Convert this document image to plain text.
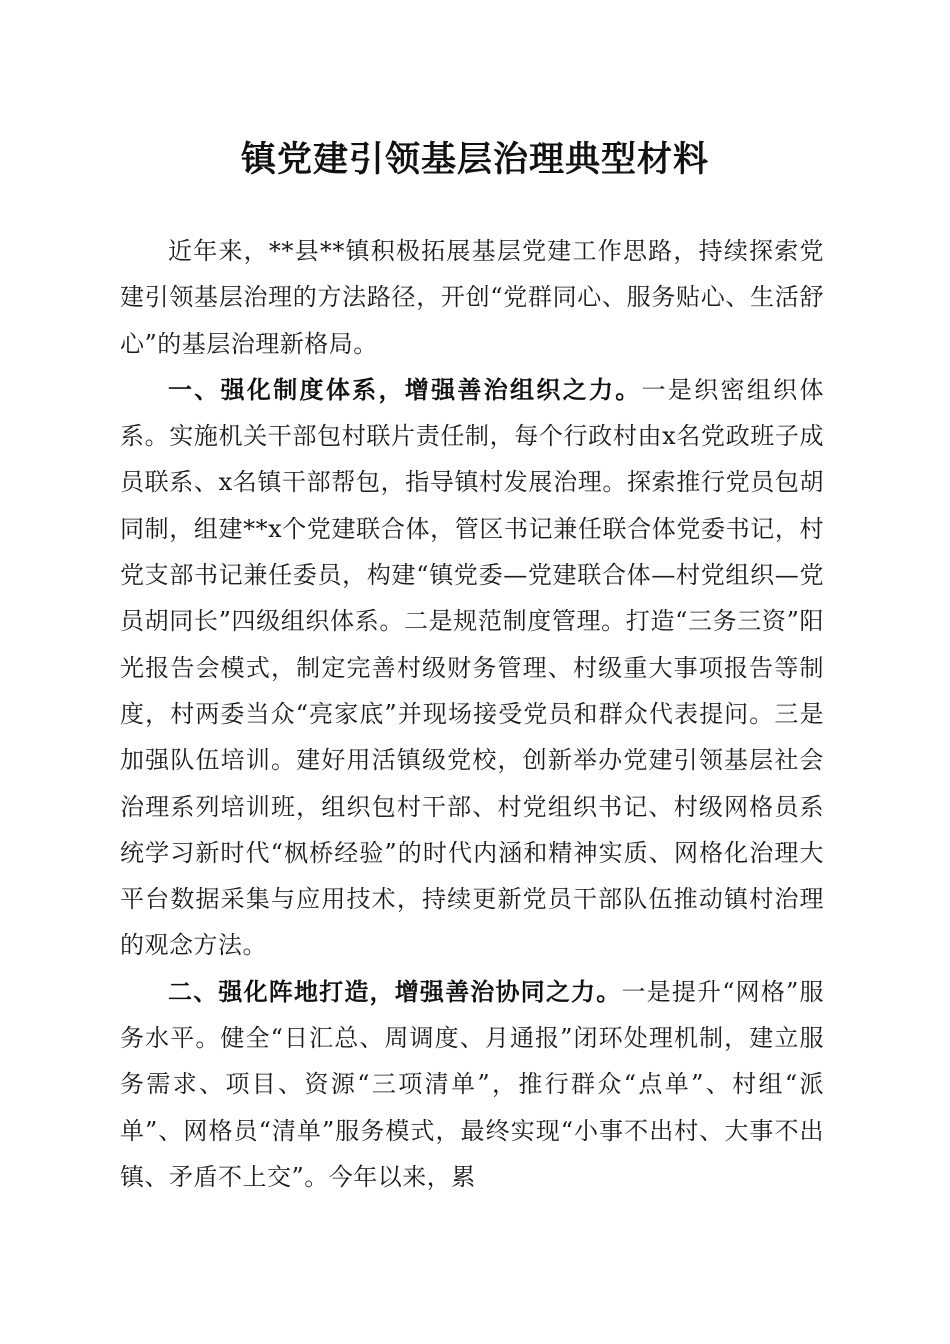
镇党建引领基层治理典型材料

近年来，**县**镇积极拓展基层党建工作思路，持续探索党建引领基层治理的方法路径，开创“党群同心、服务贴心、生活舒心”的基层治理新格局。

一、强化制度体系，增强善治组织之力。一是织密组织体系。实施机关干部包村联片责任制，每个行政村由x名党政班子成员联系、x名镇干部帮包，指导镇村发展治理。探索推行党员包胡同制，组建**x个党建联合体，管区书记兼任联合体党委书记，村党支部书记兼任委员，构建“镇党委—党建联合体—村党组织—党员胡同长”四级组织体系。二是规范制度管理。打造“三务三资”阳光报告会模式，制定完善村级财务管理、村级重大事项报告等制度，村两委当众“亮家底”并现场接受党员和群众代表提问。三是加强队伍培训。建好用活镇级党校，创新举办党建引领基层社会治理系列培训班，组织包村干部、村党组织书记、村级网格员系统学习新时代“枫桥经验”的时代内涵和精神实质、网格化治理大平台数据采集与应用技术，持续更新党员干部队伍推动镇村治理的观念方法。

二、强化阵地打造，增强善治协同之力。一是提升“网格”服务水平。健全“日汇总、周调度、月通报”闭环处理机制，建立服务需求、项目、资源“三项清单”，推行群众“点单”、村组“派单”、网格员“清单”服务模式，最终实现“小事不出村、大事不出镇、矛盾不上交”。今年以来，累
